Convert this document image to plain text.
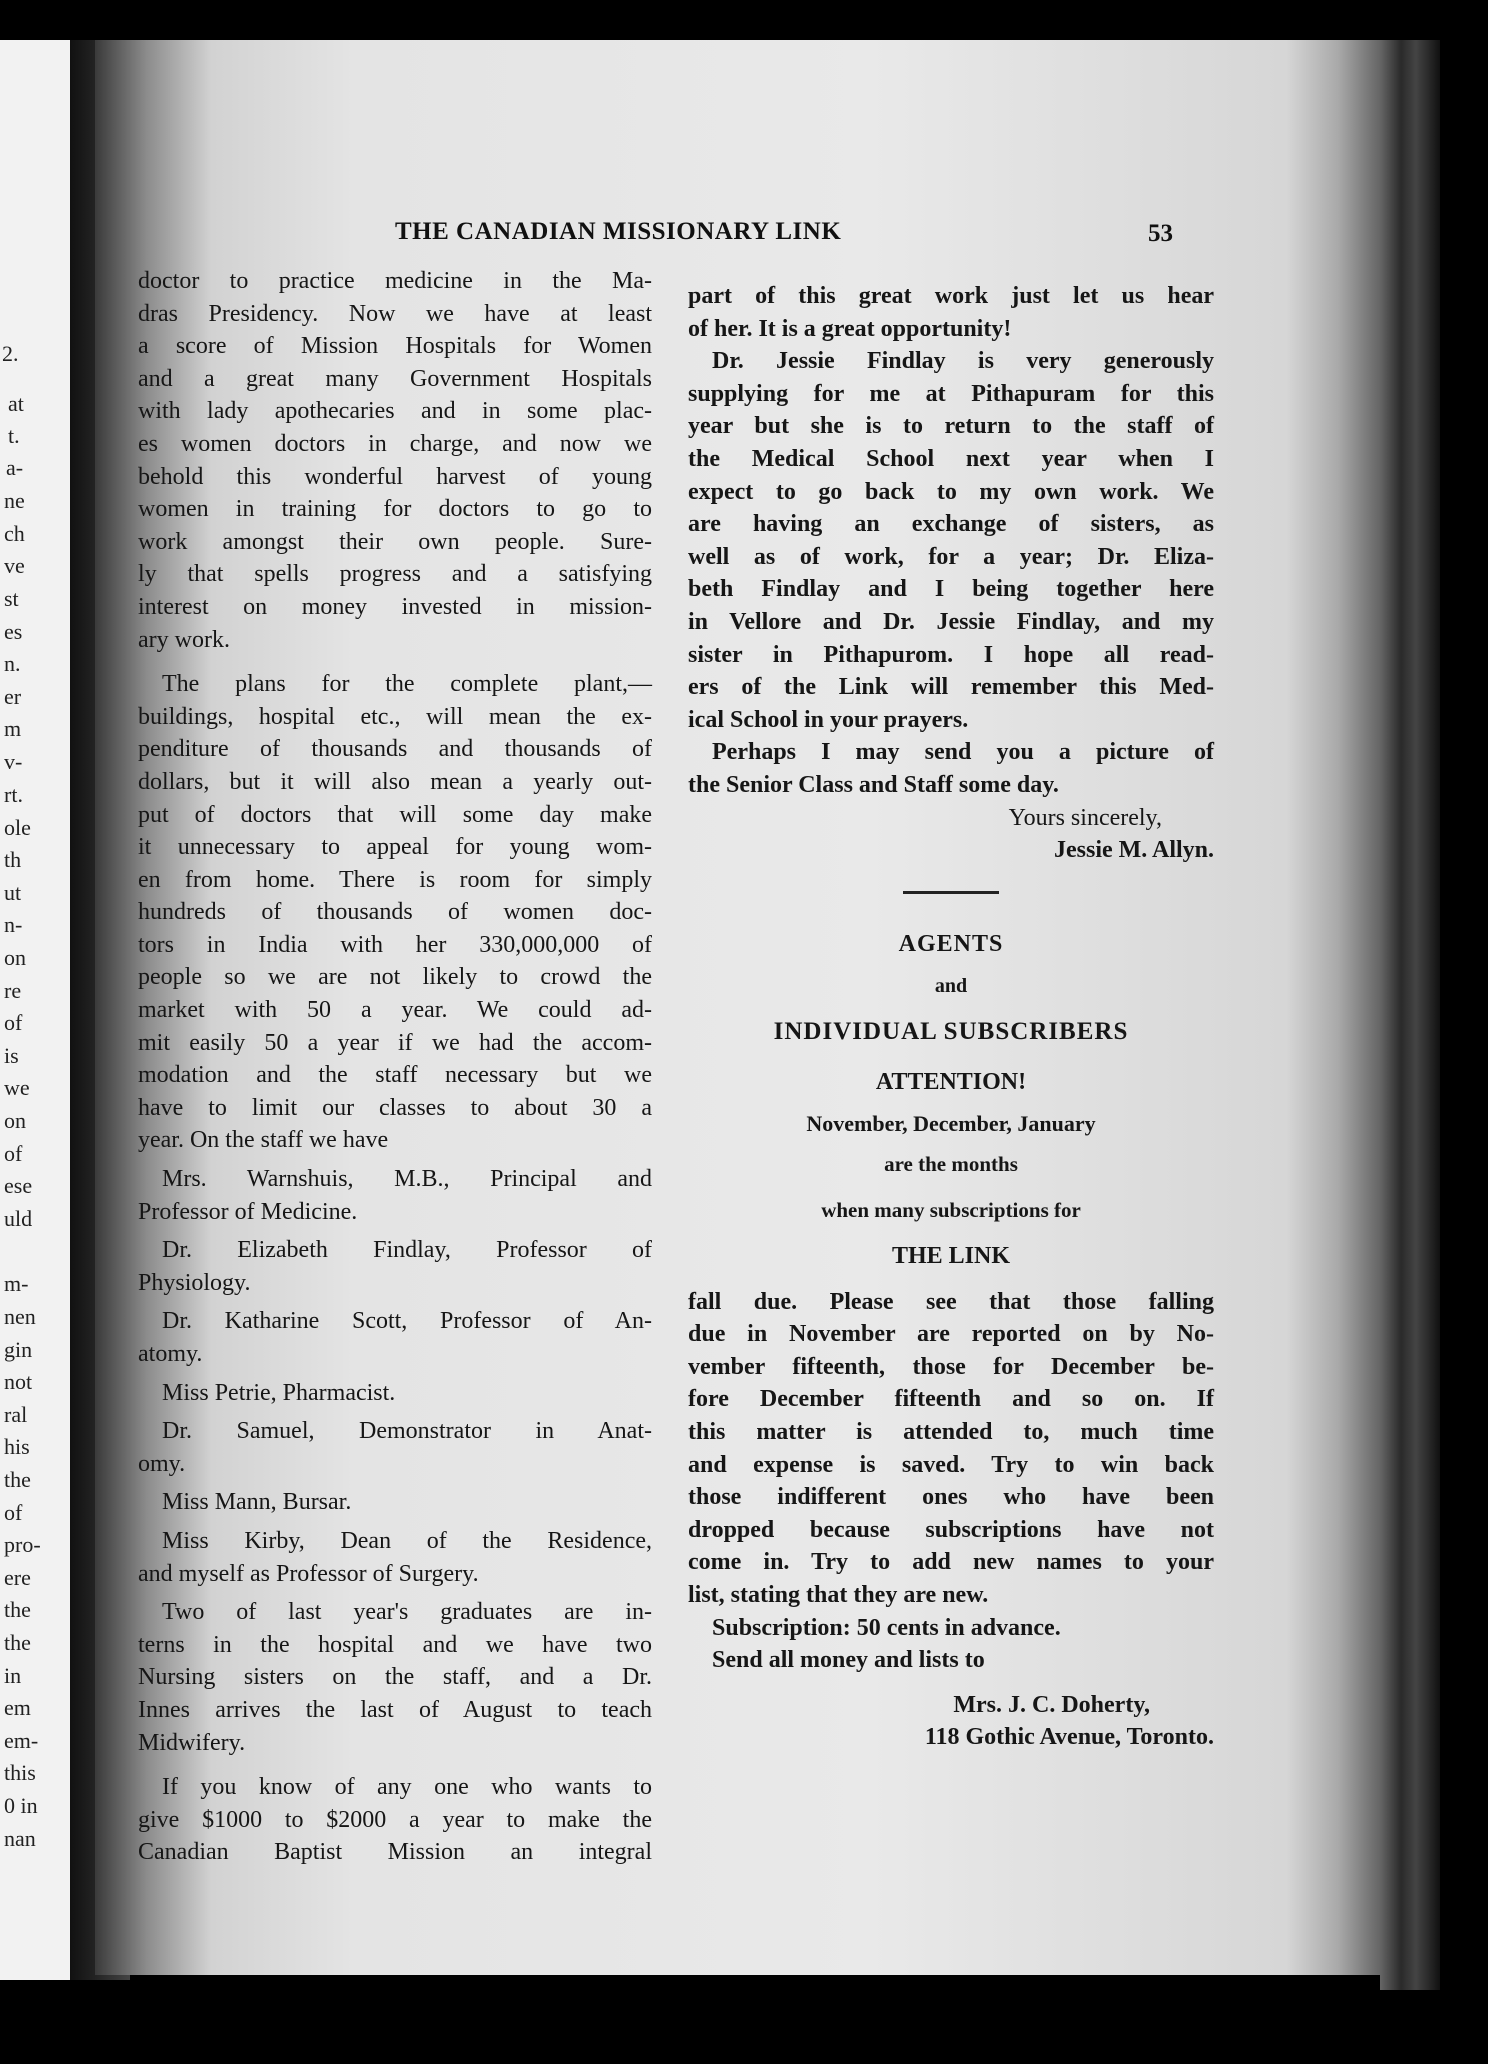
2.
at
t.
a-
ne
ch
ve
st
es
n.
er
m
v-
rt.
ole
th
ut
n-
on
re
of
is
we
on
of
ese
uld
m-
nen
gin
not
ral
his
the
of
pro-
ere
the
the
in
em
em-
this
0 in
nan
THE CANADIAN MISSIONARY LINK	53
doctor to practice medicine in the Ma-
dras Presidency. Now we have at least
a score of Mission Hospitals for Women
and a great many Government Hospitals
with lady apothecaries and in some plac-
es women doctors in charge, and now we
behold this wonderful harvest of young
women in training for doctors to go to
work amongst their own people. Sure-
ly that spells progress and a satisfying
interest on money invested in mission-
ary work.
The plans for the complete plant,—
buildings, hospital etc., will mean the ex-
penditure of thousands and thousands of
dollars, but it will also mean a yearly out-
put of doctors that will some day make
it unnecessary to appeal for young wom-
en from home. There is room for simply
hundreds of thousands of women doc-
tors in India with her 330,000,000 of
people so we are not likely to crowd the
market with 50 a year. We could ad-
mit easily 50 a year if we had the accom-
modation and the staff necessary but we
have to limit our classes to about 30 a
year. On the staff we have
Mrs. Warnshuis, M.B., Principal and
Professor of Medicine.
Dr. Elizabeth Findlay, Professor of
Physiology.
Dr. Katharine Scott, Professor of An-
atomy.
Miss Petrie, Pharmacist.
Dr. Samuel, Demonstrator in Anat-
omy.
Miss Mann, Bursar.
Miss Kirby, Dean of the Residence,
and myself as Professor of Surgery.
Two of last year's graduates are in-
terns in the hospital and we have two
Nursing sisters on the staff, and a Dr.
Innes arrives the last of August to teach
Midwifery.
If you know of any one who wants to
give $1000 to $2000 a year to make the
Canadian Baptist Mission an integral
part of this great work just let us hear
of her. It is a great opportunity!
Dr. Jessie Findlay is very generously
supplying for me at Pithapuram for this
year but she is to return to the staff of
the Medical School next year when I
expect to go back to my own work. We
are having an exchange of sisters, as
well as of work, for a year; Dr. Eliza-
beth Findlay and I being together here
in Vellore and Dr. Jessie Findlay, and my
sister in Pithapurom. I hope all read-
ers of the Link will remember this Med-
ical School in your prayers.
Perhaps I may send you a picture of
the Senior Class and Staff some day.
Yours sincerely,
Jessie M. Allyn.
AGENTS
and
INDIVIDUAL SUBSCRIBERS
ATTENTION!
November, December, January
are the months
when many subscriptions for
THE LINK
fall due. Please see that those falling
due in November are reported on by No-
vember fifteenth, those for December be-
fore December fifteenth and so on. If
this matter is attended to, much time
and expense is saved. Try to win back
those indifferent ones who have been
dropped because subscriptions have not
come in. Try to add new names to your
list, stating that they are new.
Subscription: 50 cents in advance.
Send all money and lists to
Mrs. J. C. Doherty,
118 Gothic Avenue, Toronto.
